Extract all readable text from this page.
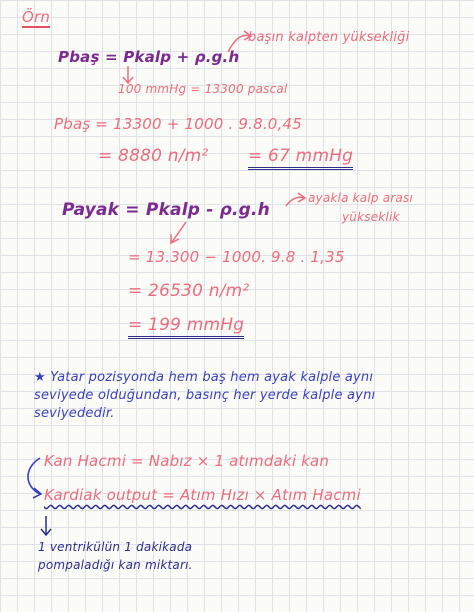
Örn
Pbaş = Pkalp + ρ.g.h
başın kalpten yüksekliği
100 mmHg = 13300 pascal
Pbaş = 13300 + 1000 . 9.8.0,45
= 8880 n/m² = 67 mmHg
Payak = Pkalp - ρ.g.h
ayakla kalp arası
yükseklik
= 13.300 − 1000. 9.8 . 1,35
= 26530 n/m²
= 199 mmHg
★ Yatar pozisyonda hem baş hem ayak kalple aynı
seviyede olduğundan, basınç her yerde kalple aynı
seviyededir.
Kan Hacmi = Nabız × 1 atımdaki kan
Kardiak output = Atım Hızı × Atım Hacmi
1 ventrikülün 1 dakikada
pompaladığı kan miktarı.
